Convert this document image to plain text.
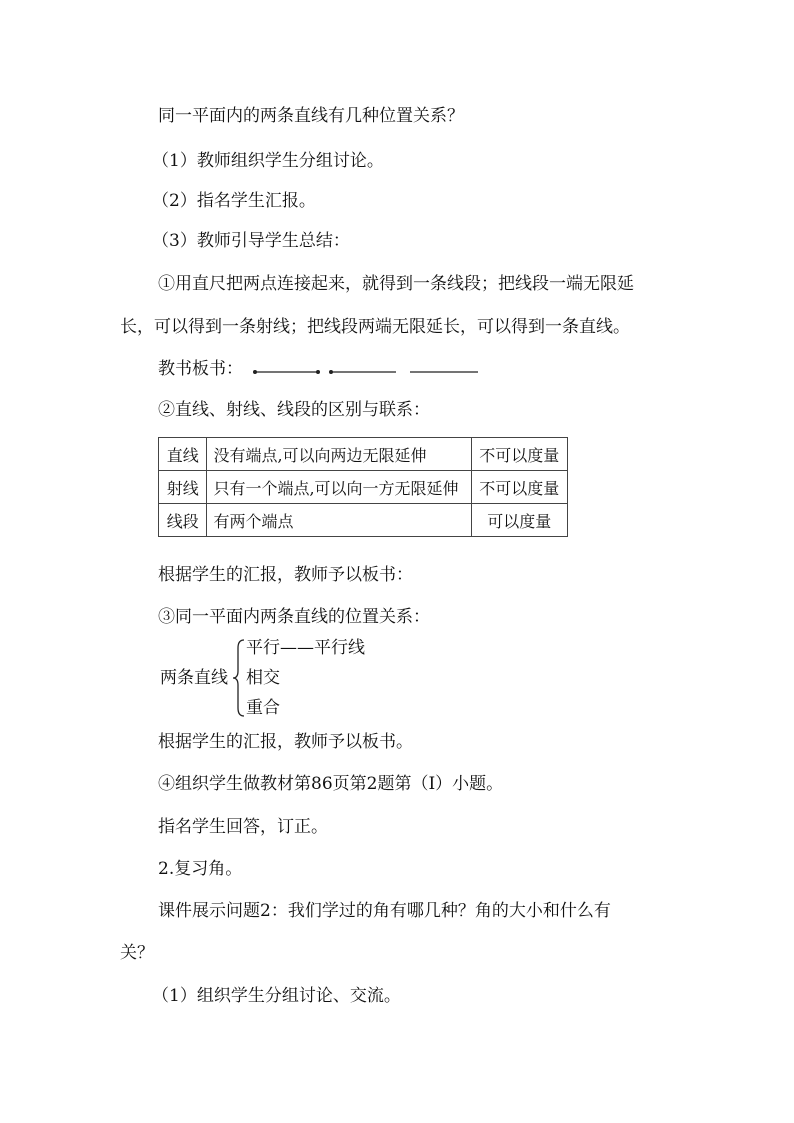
同一平面内的两条直线有几种位置关系？
（1）教师组织学生分组讨论。
（2）指名学生汇报。
（3）教师引导学生总结：
①用直尺把两点连接起来，就得到一条线段；把线段一端无限延
长，可以得到一条射线；把线段两端无限延长，可以得到一条直线。
教书板书：
②直线、射线、线段的区别与联系：
直线	没有端点,可以向两边无限延伸	不可以度量
射线	只有一个端点,可以向一方无限延伸	不可以度量
线段	有两个端点	可以度量
根据学生的汇报，教师予以板书：
③同一平面内两条直线的位置关系：
两条直线
平行——平行线
相交
重合
根据学生的汇报，教师予以板书。
④组织学生做教材第86页第2题第（Ⅰ）小题。
指名学生回答，订正。
2.复习角。
课件展示问题2：我们学过的角有哪几种？角的大小和什么有
关？
（1）组织学生分组讨论、交流。
